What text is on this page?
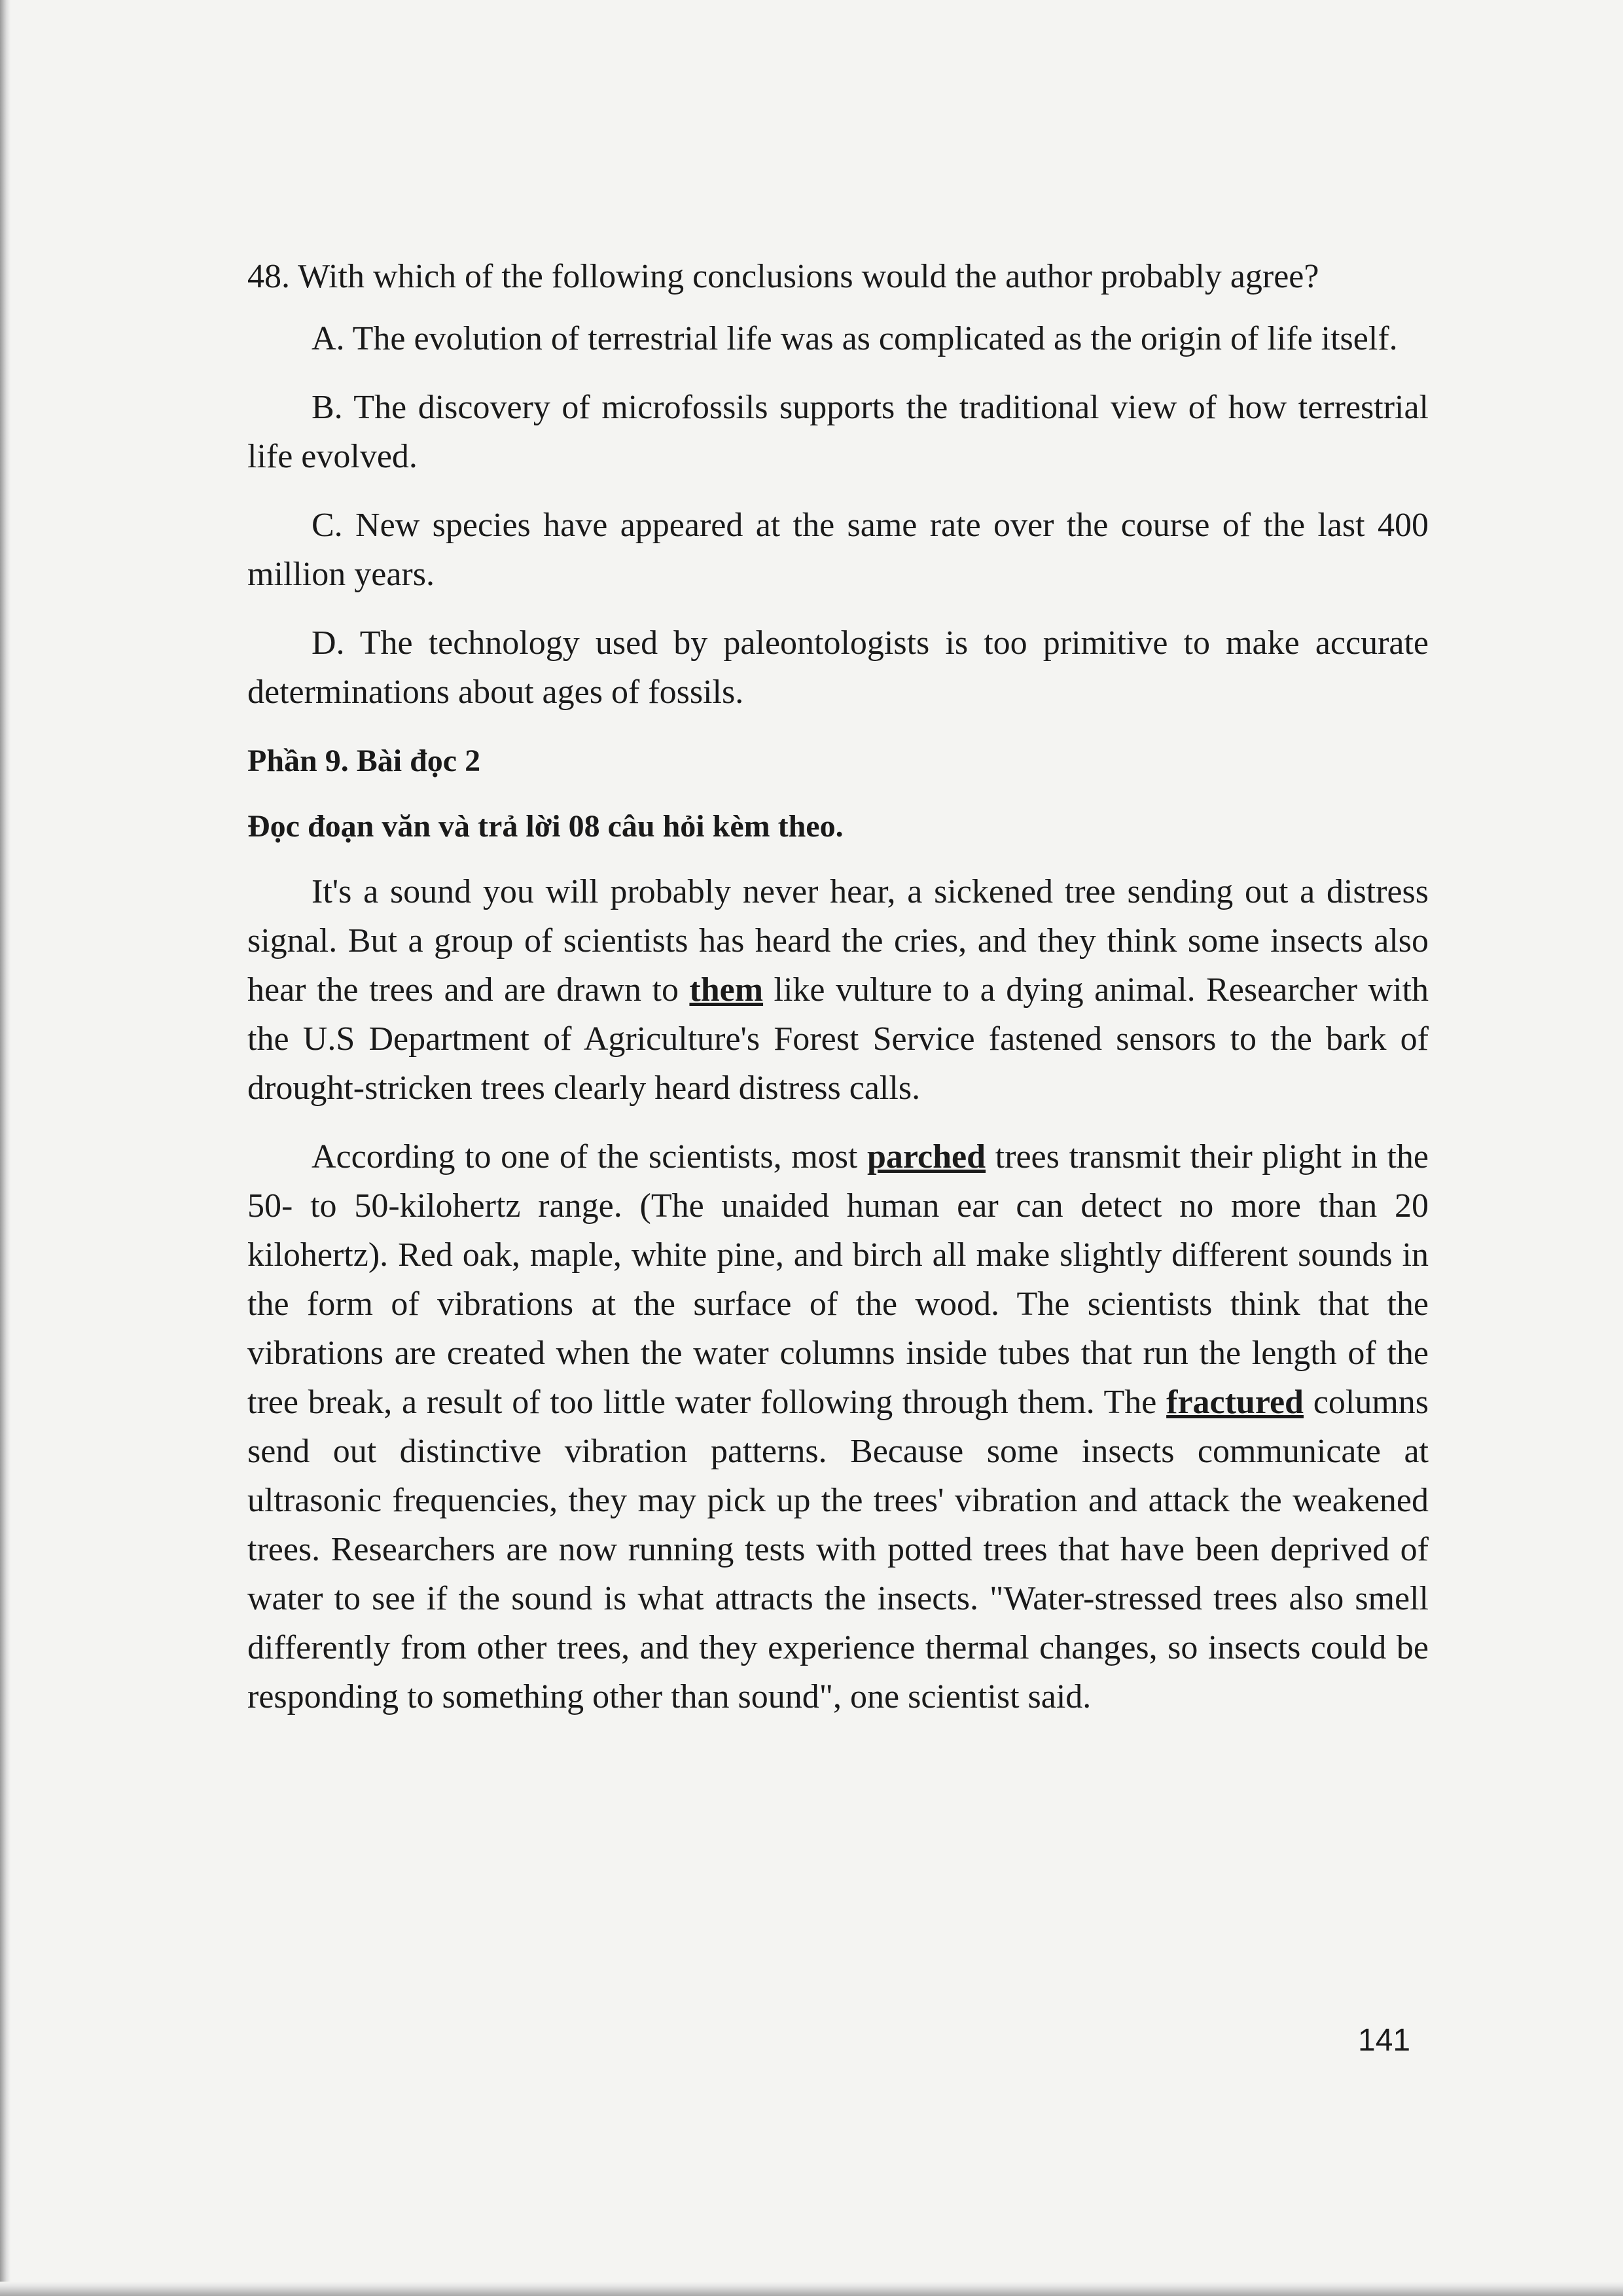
48. With which of the following conclusions would the author probably agree?

A. The evolution of terrestrial life was as complicated as the origin of life itself.

B. The discovery of microfossils supports the traditional view of how terrestrial life evolved.

C. New species have appeared at the same rate over the course of the last 400 million years.

D. The technology used by paleontologists is too primitive to make accurate determinations about ages of fossils.

Phần 9. Bài đọc 2

Đọc đoạn văn và trả lời 08 câu hỏi kèm theo.

It's a sound you will probably never hear, a sickened tree sending out a distress signal. But a group of scientists has heard the cries, and they think some insects also hear the trees and are drawn to them like vulture to a dying animal. Researcher with the U.S Department of Agriculture's Forest Service fastened sensors to the bark of drought-stricken trees clearly heard distress calls.

According to one of the scientists, most parched trees transmit their plight in the 50- to 50-kilohertz range. (The unaided human ear can detect no more than 20 kilohertz). Red oak, maple, white pine, and birch all make slightly different sounds in the form of vibrations at the surface of the wood. The scientists think that the vibrations are created when the water columns inside tubes that run the length of the tree break, a result of too little water following through them. The fractured columns send out distinctive vibration patterns. Because some insects communicate at ultrasonic frequencies, they may pick up the trees' vibration and attack the weakened trees. Researchers are now running tests with potted trees that have been deprived of water to see if the sound is what attracts the insects. "Water-stressed trees also smell differently from other trees, and they experience thermal changes, so insects could be responding to something other than sound", one scientist said.

141
